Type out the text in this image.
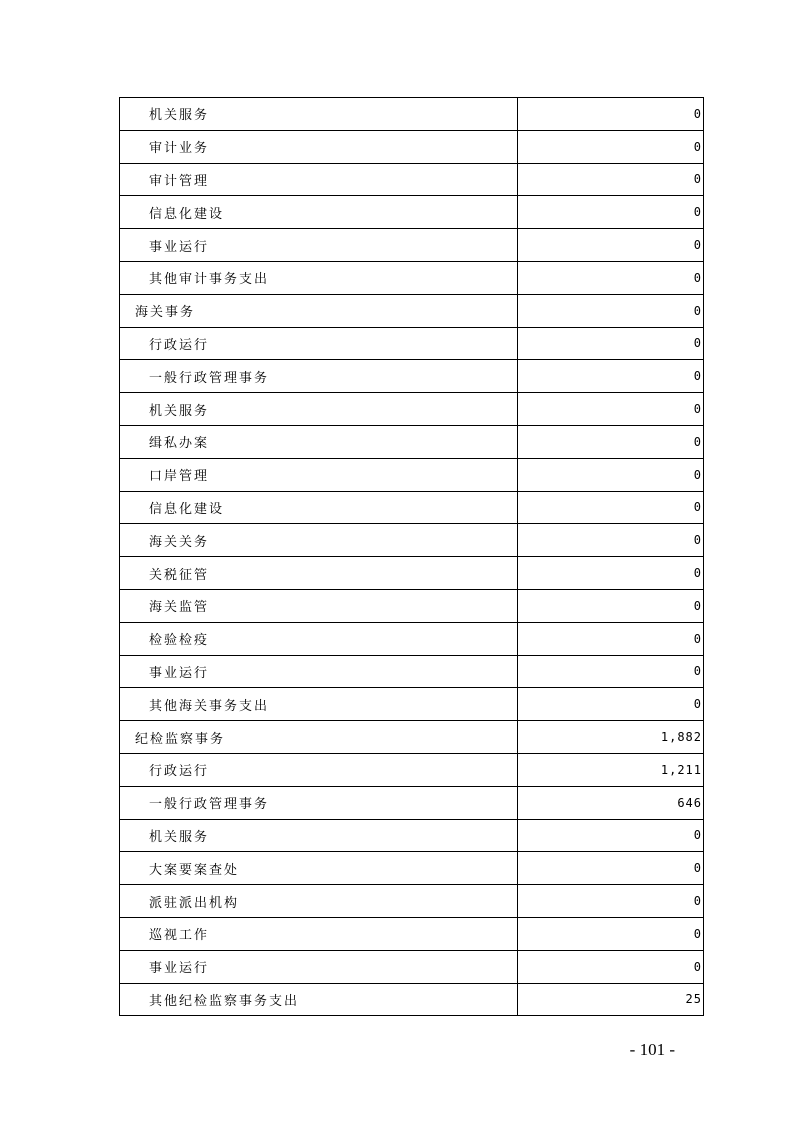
机关服务	0
审计业务	0
审计管理	0
信息化建设	0
事业运行	0
其他审计事务支出	0
海关事务	0
行政运行	0
一般行政管理事务	0
机关服务	0
缉私办案	0
口岸管理	0
信息化建设	0
海关关务	0
关税征管	0
海关监管	0
检验检疫	0
事业运行	0
其他海关事务支出	0
纪检监察事务	1,882
行政运行	1,211
一般行政管理事务	646
机关服务	0
大案要案查处	0
派驻派出机构	0
巡视工作	0
事业运行	0
其他纪检监察事务支出	25
- 101 -
